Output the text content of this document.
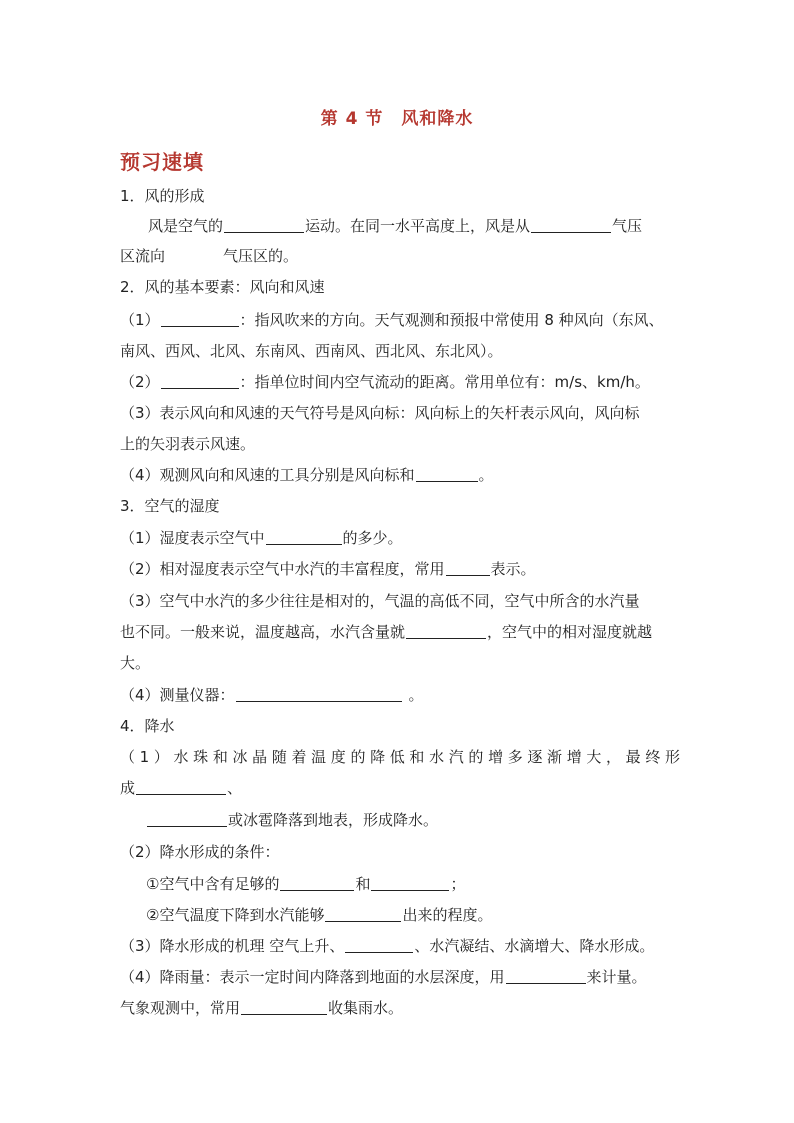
第 4 节　风和降水
预习速填
1．风的形成
风是空气的	运动。在同一水平高度上，风是从	气压
区流向	气压区的。
2．风的基本要素：风向和风速
（1）	：指风吹来的方向。天气观测和预报中常使用 8 种风向（东风、
南风、西风、北风、东南风、西南风、西北风、东北风）。
（2）	：指单位时间内空气流动的距离。常用单位有：m/s、km/h。
（3）表示风向和风速的天气符号是风向标：风向标上的矢杆表示风向，风向标
上的矢羽表示风速。
（4）观测风向和风速的工具分别是风向标和	。
3．空气的湿度
（1）湿度表示空气中	的多少。
（2）相对湿度表示空气中水汽的丰富程度，常用	表示。
（3）空气中水汽的多少往往是相对的，气温的高低不同，空气中所含的水汽量
也不同。一般来说，温度越高，水汽含量就	，空气中的相对湿度就越
大。
（4）测量仪器：	。
4．降水
（1）水珠和冰晶随着温度的降低和水汽的增多逐渐增大，最终形
成	、
或冰雹降落到地表，形成降水。
（2）降水形成的条件：
①空气中含有足够的	和	；
②空气温度下降到水汽能够	出来的程度。
（3）降水形成的机理 空气上升、	、水汽凝结、水滴增大、降水形成。
（4）降雨量：表示一定时间内降落到地面的水层深度，用	来计量。
气象观测中，常用	收集雨水。
